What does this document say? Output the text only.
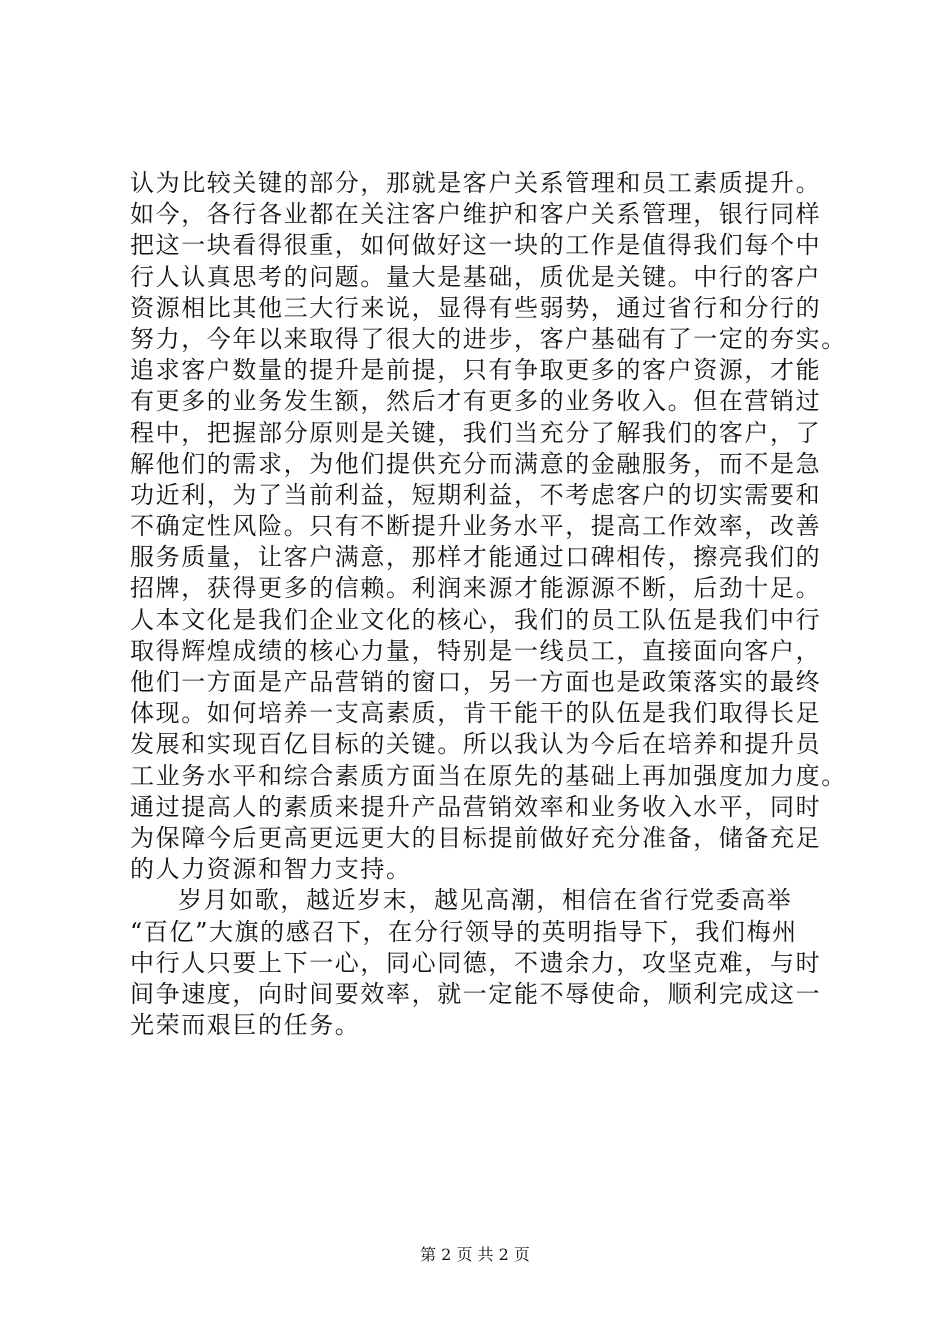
认为比较关键的部分，那就是客户关系管理和员工素质提升。
如今，各行各业都在关注客户维护和客户关系管理，银行同样
把这一块看得很重，如何做好这一块的工作是值得我们每个中
行人认真思考的问题。量大是基础，质优是关键。中行的客户
资源相比其他三大行来说，显得有些弱势，通过省行和分行的
努力，今年以来取得了很大的进步，客户基础有了一定的夯实。
追求客户数量的提升是前提，只有争取更多的客户资源，才能
有更多的业务发生额，然后才有更多的业务收入。但在营销过
程中，把握部分原则是关键，我们当充分了解我们的客户，了
解他们的需求，为他们提供充分而满意的金融服务，而不是急
功近利，为了当前利益，短期利益，不考虑客户的切实需要和
不确定性风险。只有不断提升业务水平，提高工作效率，改善
服务质量，让客户满意，那样才能通过口碑相传，擦亮我们的
招牌，获得更多的信赖。利润来源才能源源不断，后劲十足。
人本文化是我们企业文化的核心，我们的员工队伍是我们中行
取得辉煌成绩的核心力量，特别是一线员工，直接面向客户，
他们一方面是产品营销的窗口，另一方面也是政策落实的最终
体现。如何培养一支高素质，肯干能干的队伍是我们取得长足
发展和实现百亿目标的关键。所以我认为今后在培养和提升员
工业务水平和综合素质方面当在原先的基础上再加强度加力度。
通过提高人的素质来提升产品营销效率和业务收入水平，同时
为保障今后更高更远更大的目标提前做好充分准备，储备充足
的人力资源和智力支持。
岁月如歌，越近岁末，越见高潮，相信在省行党委高举
“百亿”大旗的感召下，在分行领导的英明指导下，我们梅州
中行人只要上下一心，同心同德，不遗余力，攻坚克难，与时
间争速度，向时间要效率，就一定能不辱使命，顺利完成这一
光荣而艰巨的任务。
第 2 页 共 2 页
